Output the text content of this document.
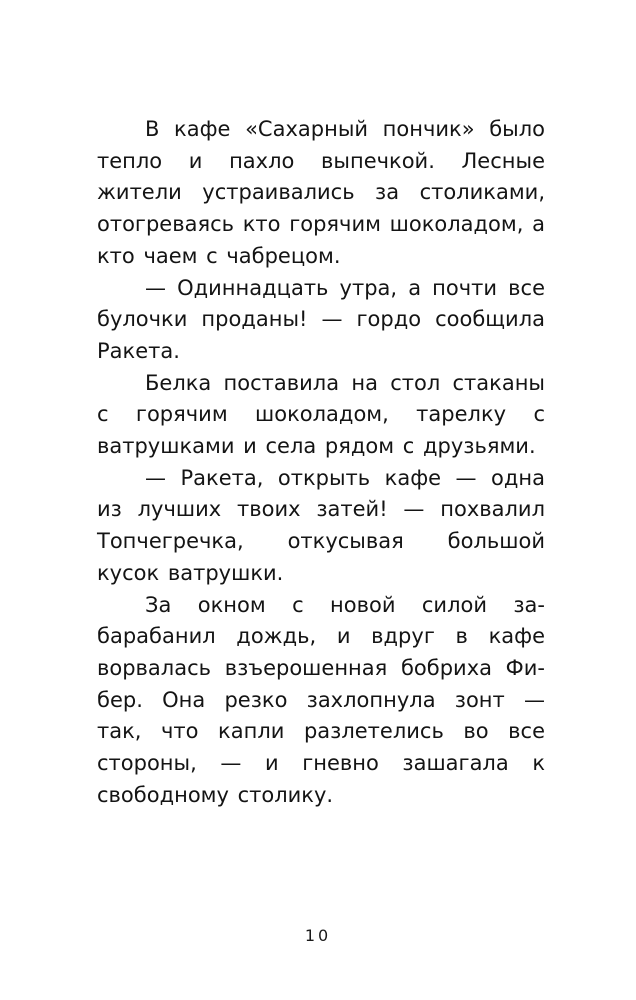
В кафе «Сахарный пончик» было тепло и пахло выпечкой. Лесные жители устраивались за столиками, отогреваясь кто горячим шоколадом, а кто чаем с чабрецом.

— Одиннадцать утра, а почти все булочки проданы! — гордо сообщила Ракета.

Белка поставила на стол стаканы с горячим шоколадом, тарелку с ватрушками и села рядом с друзьями.

— Ракета, открыть кафе — одна из лучших твоих затей! — похвалил Топчегречка, откусывая большой кусок ватрушки.

За окном с новой силой забарабанил дождь, и вдруг в кафе ворвалась взъерошенная бобриха Фибер. Она резко захлопнула зонт — так, что капли разлетелись во все стороны, — и гневно зашагала к свободному столику.

10
